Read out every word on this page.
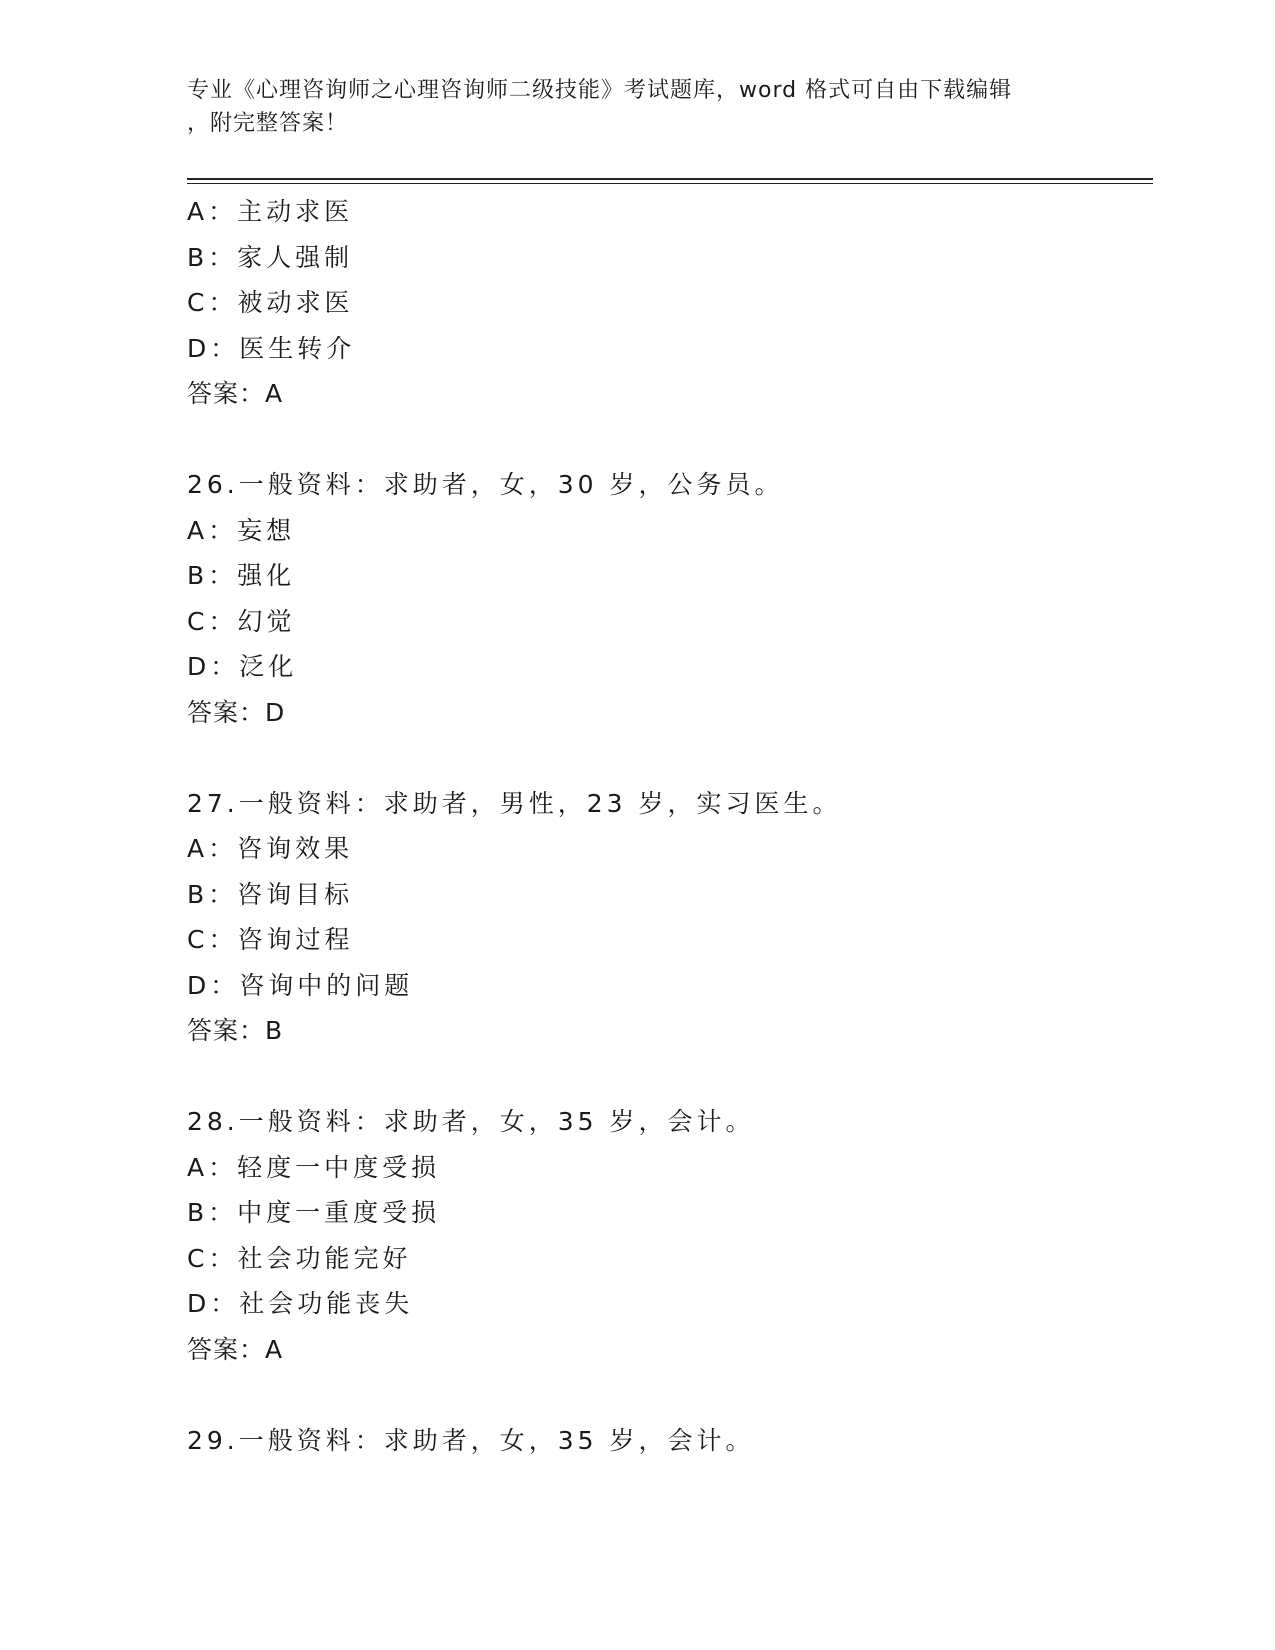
专业《心理咨询师之心理咨询师二级技能》考试题库，word 格式可自由下载编辑
，附完整答案！
A：主动求医
B：家人强制
C：被动求医
D：医生转介
答案：A
26.一般资料：求助者，女，30 岁，公务员。
A：妄想
B：强化
C：幻觉
D：泛化
答案：D
27.一般资料：求助者，男性，23 岁，实习医生。
A：咨询效果
B：咨询目标
C：咨询过程
D：咨询中的问题
答案：B
28.一般资料：求助者，女，35 岁，会计。
A：轻度一中度受损
B：中度一重度受损
C：社会功能完好
D：社会功能丧失
答案：A
29.一般资料：求助者，女，35 岁，会计。
